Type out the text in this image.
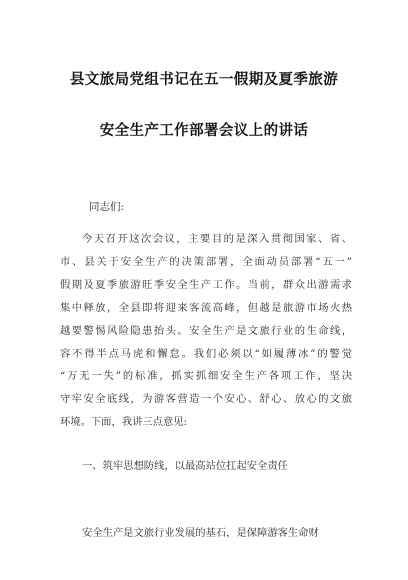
县文旅局党组书记在五一假期及夏季旅游
安全生产工作部署会议上的讲话
同志们:
今天召开这次会议，主要目的是深入贯彻国家、省、
市、县关于安全生产的决策部署，全面动员部署“五一”
假期及夏季旅游旺季安全生产工作。当前，群众出游需求
集中释放，全县即将迎来客流高峰，但越是旅游市场火热
越要警惕风险隐患抬头。安全生产是文旅行业的生命线，
容不得半点马虎和懈怠。我们必须以“如履薄冰”的警觉
“万无一失”的标准，抓实抓细安全生产各项工作，坚决
守牢安全底线，为游客营造一个安心、舒心、放心的文旅
环境。下面，我讲三点意见:
一、筑牢思想防线，以最高站位扛起安全责任
安全生产是文旅行业发展的基石，是保障游客生命财
